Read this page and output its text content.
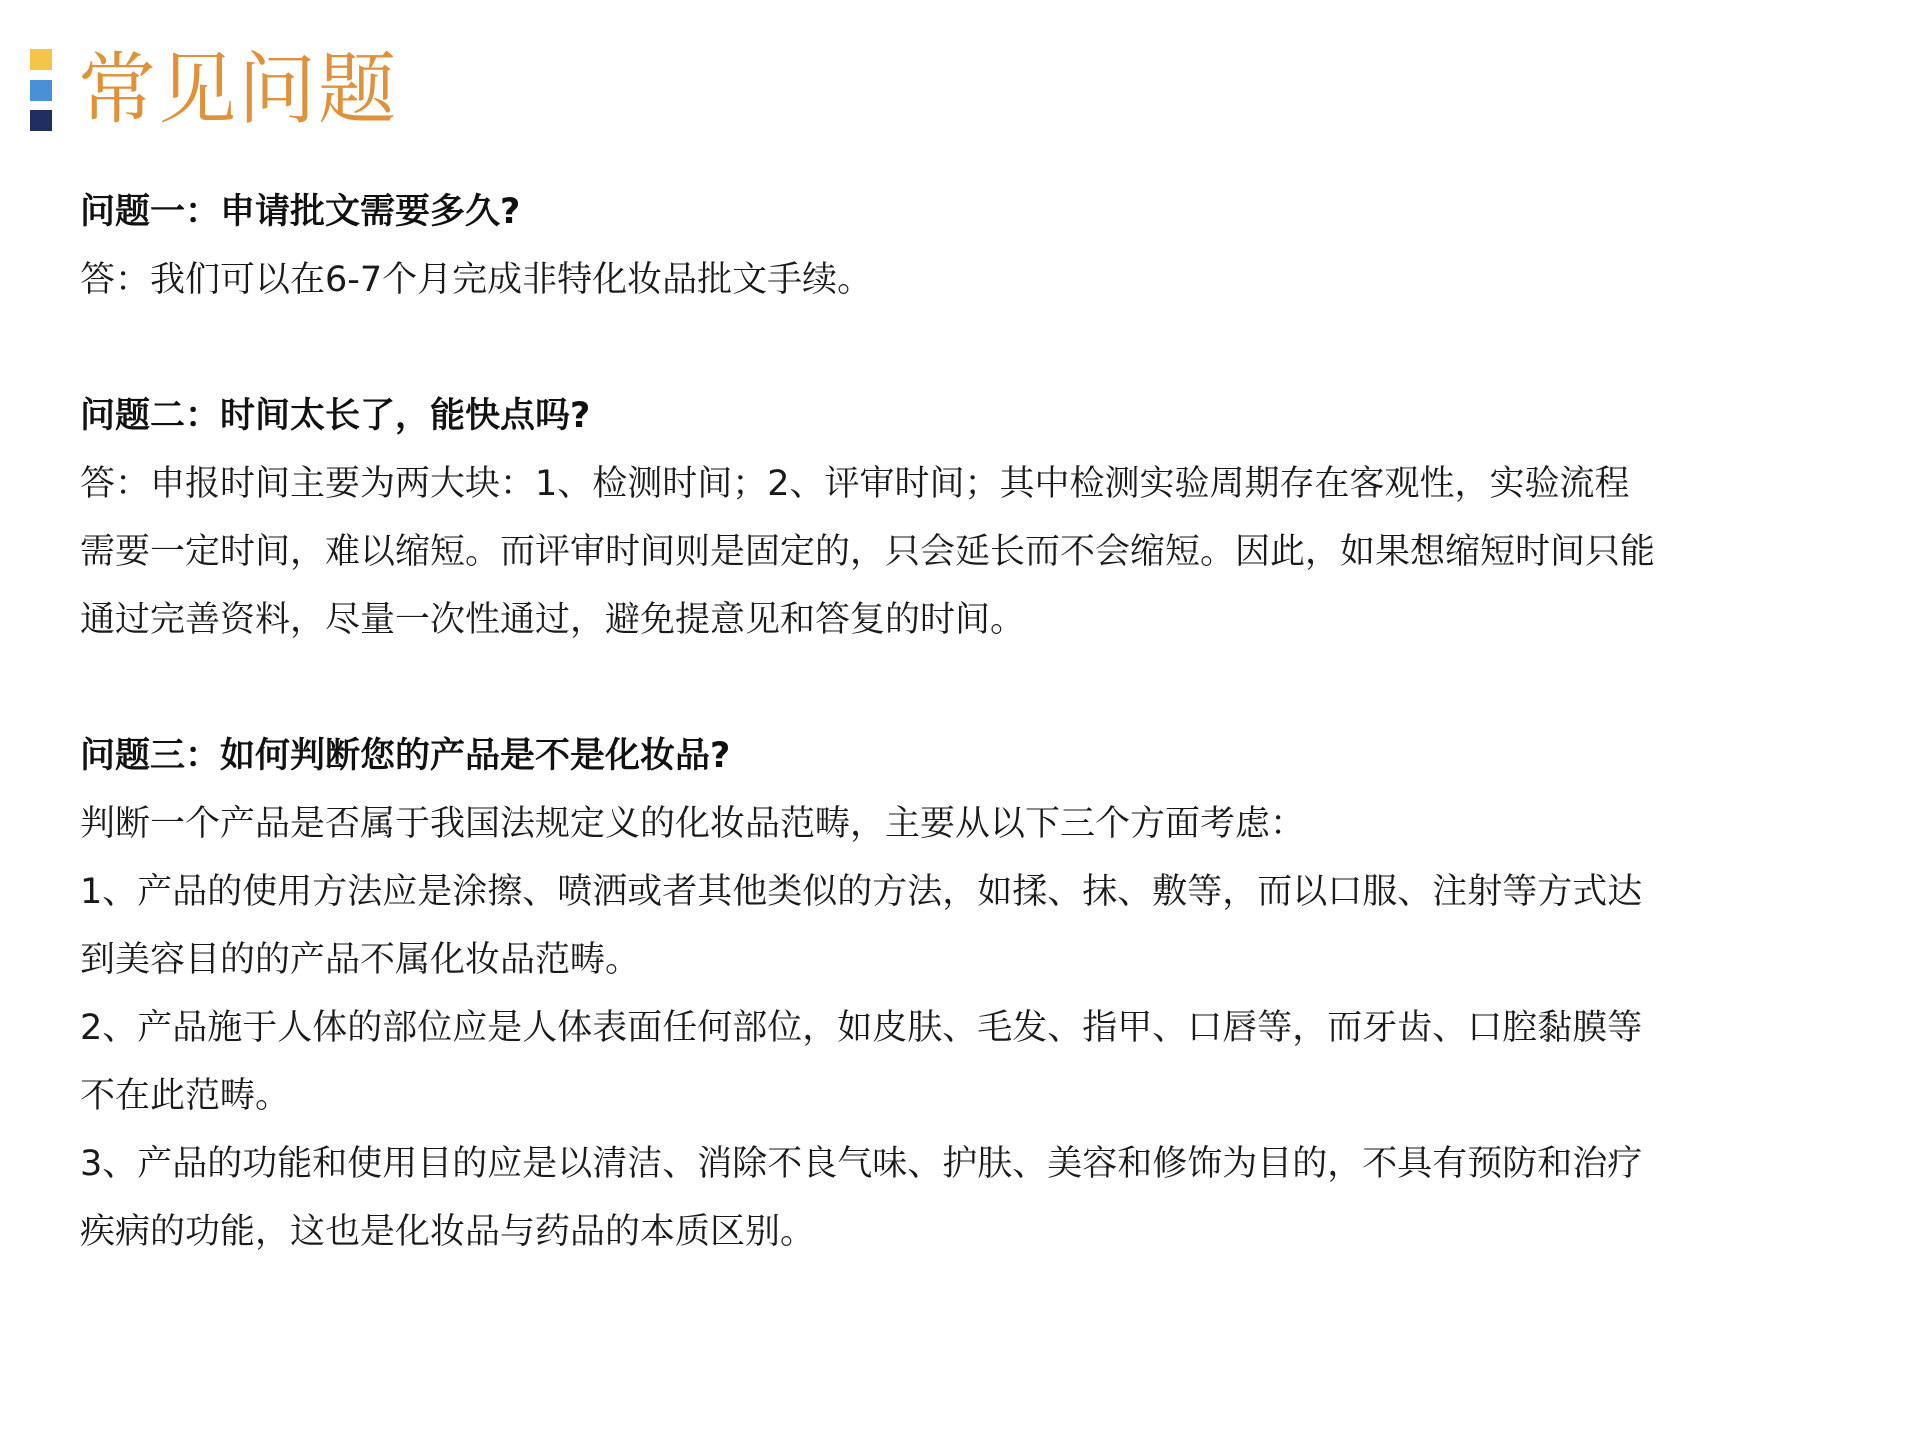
常见问题
问题一：申请批文需要多久?
答：我们可以在6-7个月完成非特化妆品批文手续。
问题二：时间太长了，能快点吗?
答：申报时间主要为两大块：1、检测时间；2、评审时间；其中检测实验周期存在客观性，实验流程
需要一定时间，难以缩短。而评审时间则是固定的，只会延长而不会缩短。因此，如果想缩短时间只能
通过完善资料，尽量一次性通过，避免提意见和答复的时间。
问题三：如何判断您的产品是不是化妆品?
判断一个产品是否属于我国法规定义的化妆品范畴，主要从以下三个方面考虑：
1、产品的使用方法应是涂擦、喷洒或者其他类似的方法，如揉、抹、敷等，而以口服、注射等方式达
到美容目的的产品不属化妆品范畴。
2、产品施于人体的部位应是人体表面任何部位，如皮肤、毛发、指甲、口唇等，而牙齿、口腔黏膜等
不在此范畴。
3、产品的功能和使用目的应是以清洁、消除不良气味、护肤、美容和修饰为目的，不具有预防和治疗
疾病的功能，这也是化妆品与药品的本质区别。
